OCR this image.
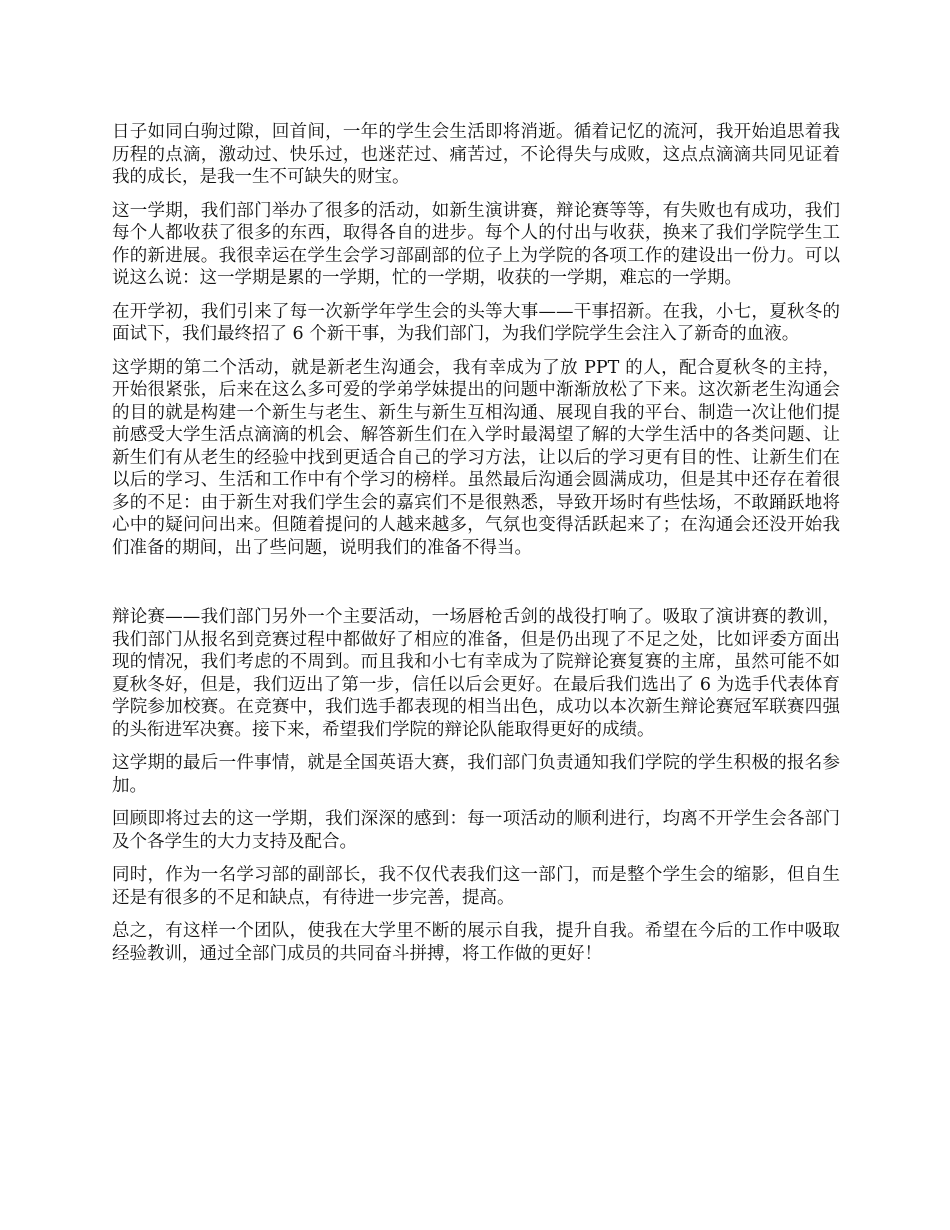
日子如同白驹过隙，回首间，一年的学生会生活即将消逝。循着记忆的流河，我开始追思着我历程的点滴，激动过、快乐过，也迷茫过、痛苦过，不论得失与成败，这点点滴滴共同见证着我的成长，是我一生不可缺失的财宝。

这一学期，我们部门举办了很多的活动，如新生演讲赛，辩论赛等等，有失败也有成功，我们每个人都收获了很多的东西，取得各自的进步。每个人的付出与收获，换来了我们学院学生工作的新进展。我很幸运在学生会学习部副部的位子上为学院的各项工作的建设出一份力。可以说这么说：这一学期是累的一学期，忙的一学期，收获的一学期，难忘的一学期。

在开学初，我们引来了每一次新学年学生会的头等大事——干事招新。在我，小七，夏秋冬的面试下，我们最终招了 6 个新干事，为我们部门，为我们学院学生会注入了新奇的血液。

这学期的第二个活动，就是新老生沟通会，我有幸成为了放 PPT 的人，配合夏秋冬的主持，开始很紧张，后来在这么多可爱的学弟学妹提出的问题中渐渐放松了下来。这次新老生沟通会的目的就是构建一个新生与老生、新生与新生互相沟通、展现自我的平台、制造一次让他们提前感受大学生活点滴滴的机会、解答新生们在入学时最渴望了解的大学生活中的各类问题、让新生们有从老生的经验中找到更适合自己的学习方法，让以后的学习更有目的性、让新生们在以后的学习、生活和工作中有个学习的榜样。虽然最后沟通会圆满成功，但是其中还存在着很多的不足：由于新生对我们学生会的嘉宾们不是很熟悉，导致开场时有些怯场，不敢踊跃地将心中的疑问问出来。但随着提问的人越来越多，气氛也变得活跃起来了；在沟通会还没开始我们准备的期间，出了些问题，说明我们的准备不得当。

辩论赛——我们部门另外一个主要活动，一场唇枪舌剑的战役打响了。吸取了演讲赛的教训，我们部门从报名到竞赛过程中都做好了相应的准备，但是仍出现了不足之处，比如评委方面出现的情况，我们考虑的不周到。而且我和小七有幸成为了院辩论赛复赛的主席，虽然可能不如夏秋冬好，但是，我们迈出了第一步，信任以后会更好。在最后我们选出了 6 为选手代表体育学院参加校赛。在竞赛中，我们选手都表现的相当出色，成功以本次新生辩论赛冠军联赛四强的头衔进军决赛。接下来，希望我们学院的辩论队能取得更好的成绩。

这学期的最后一件事情，就是全国英语大赛，我们部门负责通知我们学院的学生积极的报名参加。

回顾即将过去的这一学期，我们深深的感到：每一项活动的顺利进行，均离不开学生会各部门及个各学生的大力支持及配合。

同时，作为一名学习部的副部长，我不仅代表我们这一部门，而是整个学生会的缩影，但自生还是有很多的不足和缺点，有待进一步完善，提高。

总之，有这样一个团队，使我在大学里不断的展示自我，提升自我。希望在今后的工作中吸取经验教训，通过全部门成员的共同奋斗拼搏，将工作做的更好！
